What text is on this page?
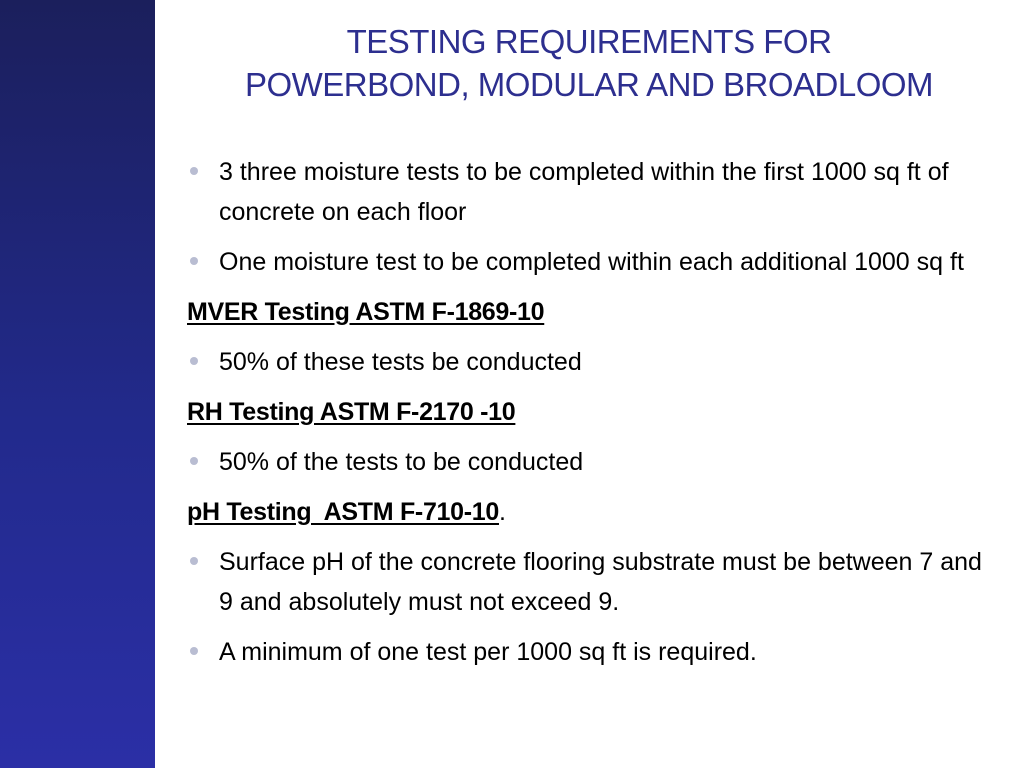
TESTING REQUIREMENTS FOR
POWERBOND, MODULAR AND BROADLOOM
3 three moisture tests to be completed within the first 1000 sq ft of concrete on each floor
One moisture test to be completed within each additional 1000 sq ft
MVER Testing ASTM F-1869-10
50% of these tests be conducted
RH Testing ASTM F-2170 -10
50% of the tests to be conducted
pH Testing  ASTM F-710-10.
Surface pH of the concrete flooring substrate must be between 7 and 9 and absolutely must not exceed 9.
A minimum of one test per 1000 sq ft is required.
